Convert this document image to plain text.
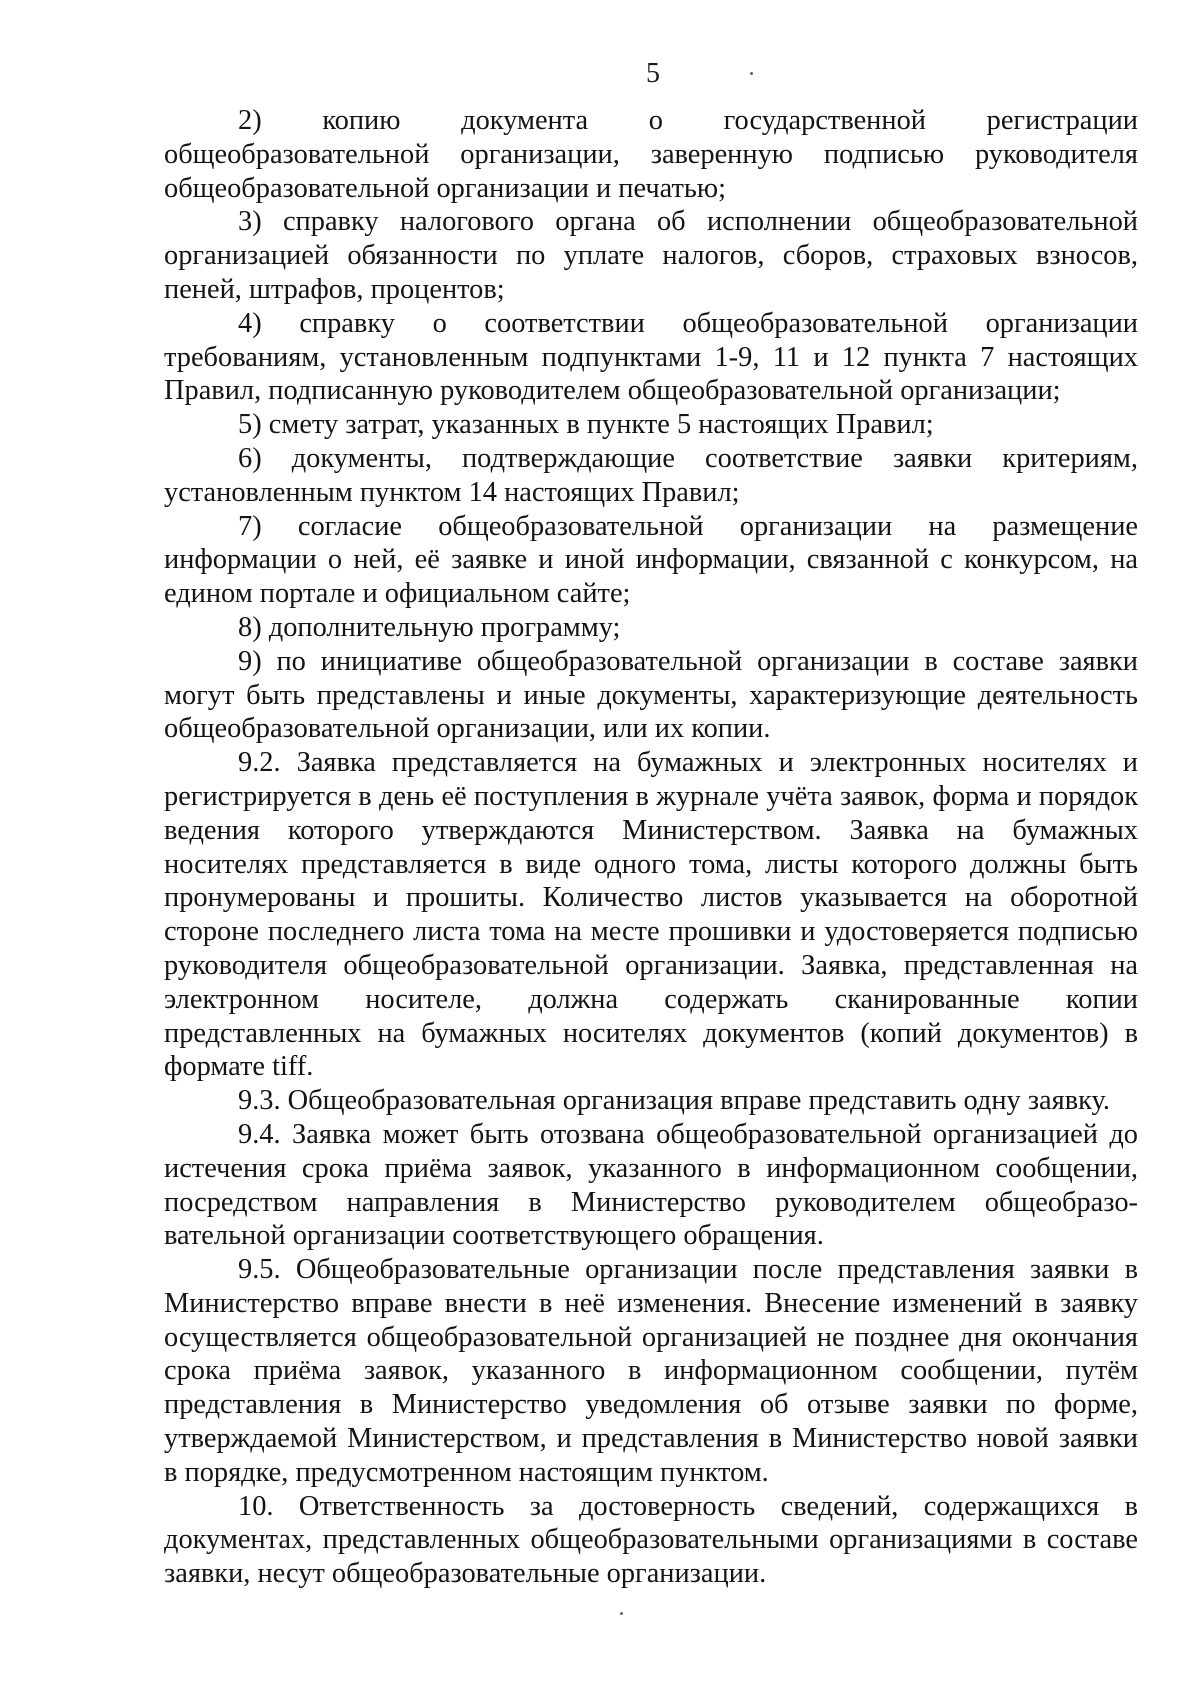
5

2) копию документа о государственной регистрации общеобразовательной организации, заверенную подписью руководителя общеобразовательной организации и печатью;

3) справку налогового органа об исполнении общеобразовательной организацией обязанности по уплате налогов, сборов, страховых взносов, пеней, штрафов, процентов;

4) справку о соответствии общеобразовательной организации требованиям, установленным подпунктами 1-9, 11 и 12 пункта 7 настоящих Правил, подписанную руководителем общеобразовательной организации;

5) смету затрат, указанных в пункте 5 настоящих Правил;

6) документы, подтверждающие соответствие заявки критериям, установленным пунктом 14 настоящих Правил;

7) согласие общеобразовательной организации на размещение информации о ней, её заявке и иной информации, связанной с конкурсом, на едином портале и официальном сайте;

8) дополнительную программу;

9) по инициативе общеобразовательной организации в составе заявки могут быть представлены и иные документы, характеризующие деятельность общеобразовательной организации, или их копии.

9.2. Заявка представляется на бумажных и электронных носителях и регистрируется в день её поступления в журнале учёта заявок, форма и порядок ведения которого утверждаются Министерством. Заявка на бумажных носителях представляется в виде одного тома, листы которого должны быть пронумерованы и прошиты. Количество листов указывается на оборотной стороне последнего листа тома на месте прошивки и удостоверяется подписью руководителя общеобразовательной организации. Заявка, представленная на электронном носителе, должна содержать сканированные копии представленных на бумажных носителях документов (копий документов) в формате tiff.

9.3. Общеобразовательная организация вправе представить одну заявку.

9.4. Заявка может быть отозвана общеобразовательной организацией до истечения срока приёма заявок, указанного в информационном сообщении, посредством направления в Министерство руководителем общеобразовательной организации соответствующего обращения.

9.5. Общеобразовательные организации после представления заявки в Министерство вправе внести в неё изменения. Внесение изменений в заявку осуществляется общеобразовательной организацией не позднее дня окончания срока приёма заявок, указанного в информационном сообщении, путём представления в Министерство уведомления об отзыве заявки по форме, утверждаемой Министерством, и представления в Министерство новой заявки в порядке, предусмотренном настоящим пунктом.

10. Ответственность за достоверность сведений, содержащихся в документах, представленных общеобразовательными организациями в составе заявки, несут общеобразовательные организации.
